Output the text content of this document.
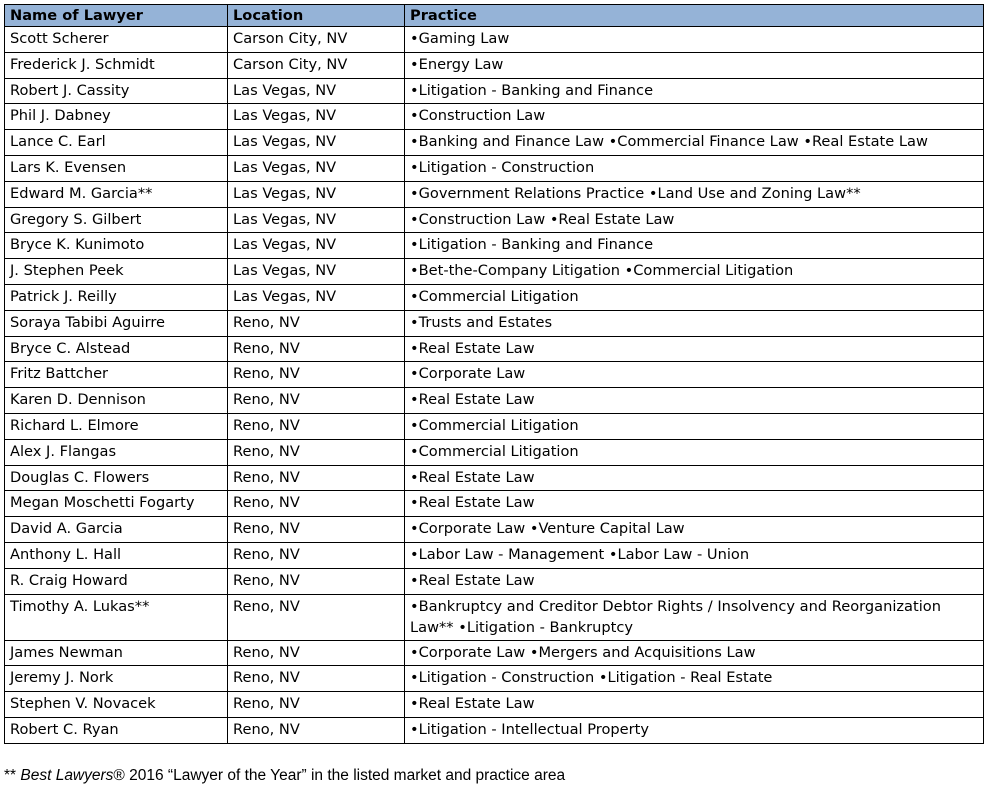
Name of Lawyer	Location	Practice
Scott Scherer	Carson City, NV	•Gaming Law
Frederick J. Schmidt	Carson City, NV	•Energy Law
Robert J. Cassity	Las Vegas, NV	•Litigation - Banking and Finance
Phil J. Dabney	Las Vegas, NV	•Construction Law
Lance C. Earl	Las Vegas, NV	•Banking and Finance Law •Commercial Finance Law •Real Estate Law
Lars K. Evensen	Las Vegas, NV	•Litigation - Construction
Edward M. Garcia**	Las Vegas, NV	•Government Relations Practice •Land Use and Zoning Law**
Gregory S. Gilbert	Las Vegas, NV	•Construction Law •Real Estate Law
Bryce K. Kunimoto	Las Vegas, NV	•Litigation - Banking and Finance
J. Stephen Peek	Las Vegas, NV	•Bet-the-Company Litigation •Commercial Litigation
Patrick J. Reilly	Las Vegas, NV	•Commercial Litigation
Soraya Tabibi Aguirre	Reno, NV	•Trusts and Estates
Bryce C. Alstead	Reno, NV	•Real Estate Law
Fritz Battcher	Reno, NV	•Corporate Law
Karen D. Dennison	Reno, NV	•Real Estate Law
Richard L. Elmore	Reno, NV	•Commercial Litigation
Alex J. Flangas	Reno, NV	•Commercial Litigation
Douglas C. Flowers	Reno, NV	•Real Estate Law
Megan Moschetti Fogarty	Reno, NV	•Real Estate Law
David A. Garcia	Reno, NV	•Corporate Law •Venture Capital Law
Anthony L. Hall	Reno, NV	•Labor Law - Management •Labor Law - Union
R. Craig Howard	Reno, NV	•Real Estate Law
Timothy A. Lukas**	Reno, NV	•Bankruptcy and Creditor Debtor Rights / Insolvency and Reorganization Law** •Litigation - Bankruptcy
James Newman	Reno, NV	•Corporate Law •Mergers and Acquisitions Law
Jeremy J. Nork	Reno, NV	•Litigation - Construction •Litigation - Real Estate
Stephen V. Novacek	Reno, NV	•Real Estate Law
Robert C. Ryan	Reno, NV	•Litigation - Intellectual Property
** Best Lawyers® 2016 “Lawyer of the Year” in the listed market and practice area
